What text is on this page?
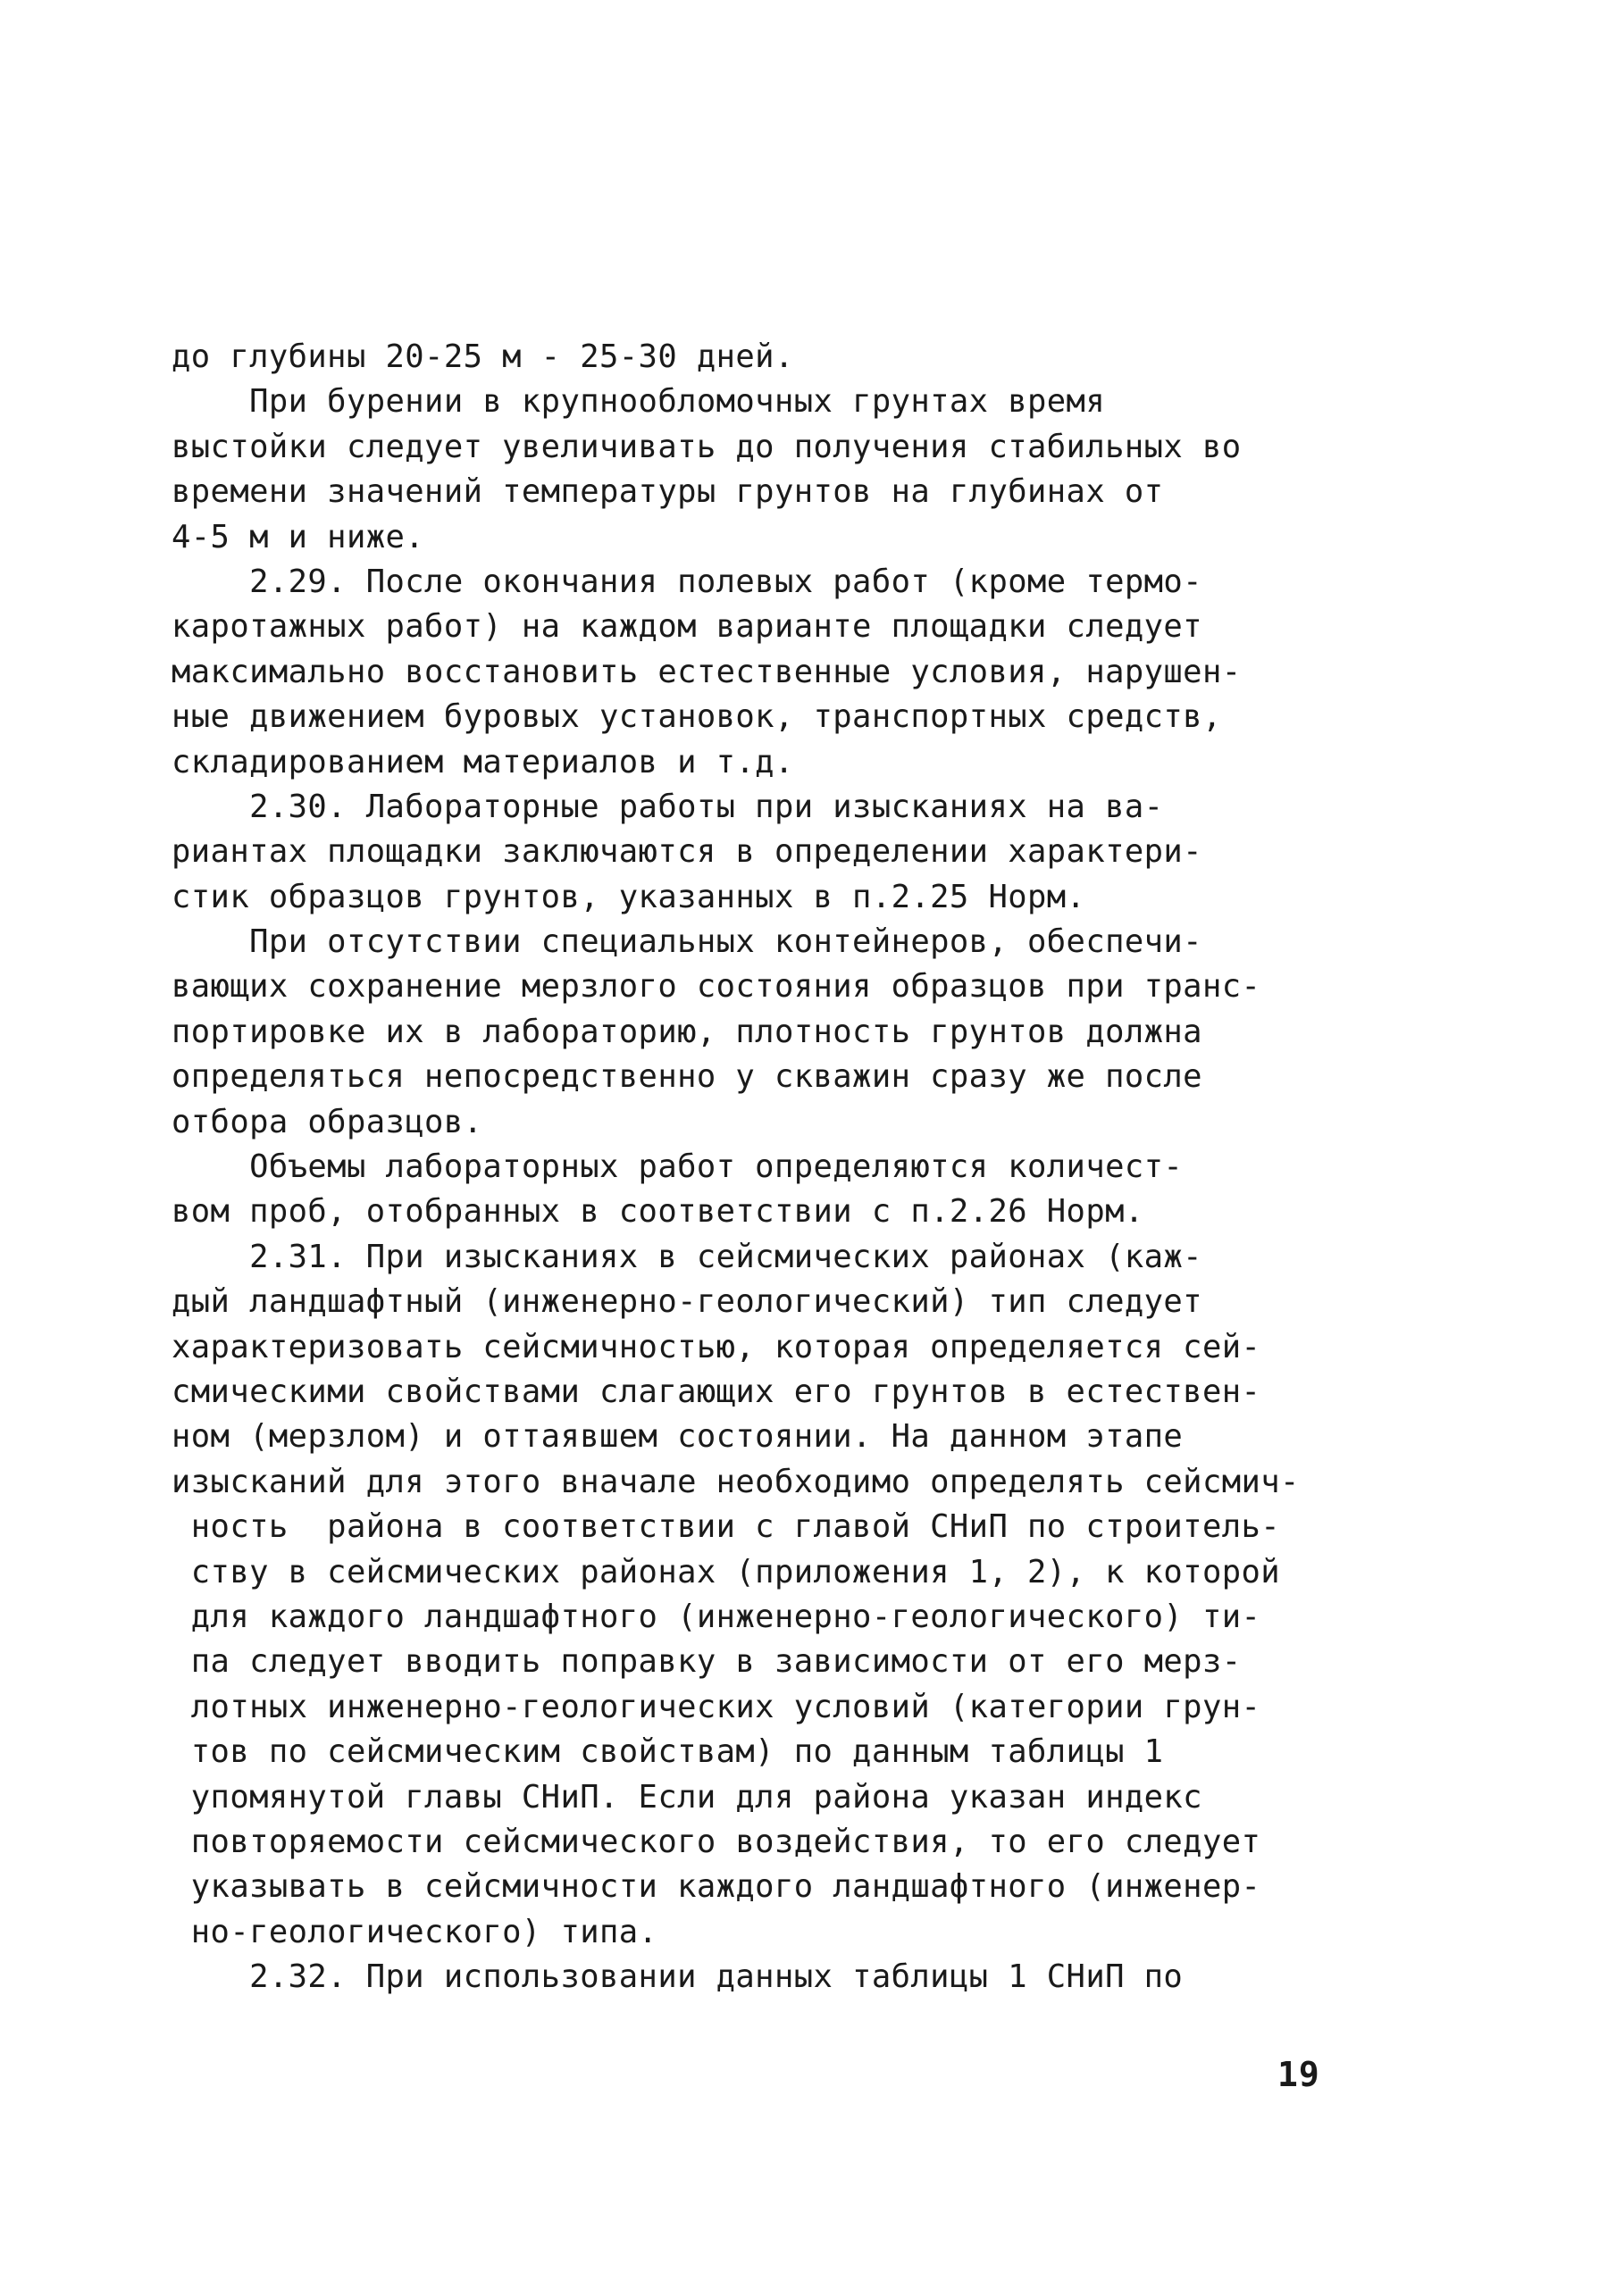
до глубины 20-25 м - 25-30 дней.
При бурении в крупнообломочных грунтах время
выстойки следует увеличивать до получения стабильных во
времени значений температуры грунтов на глубинах от
4-5 м и ниже.
2.29. После окончания полевых работ (кроме термо-
каротажных работ) на каждом варианте площадки следует
максимально восстановить естественные условия, нарушен-
ные движением буровых установок, транспортных средств,
складированием материалов и т.д.
2.30. Лабораторные работы при изысканиях на ва-
риантах площадки заключаются в определении характери-
стик образцов грунтов, указанных в п.2.25 Норм.
При отсутствии специальных контейнеров, обеспечи-
вающих сохранение мерзлого состояния образцов при транс-
портировке их в лабораторию, плотность грунтов должна
определяться непосредственно у скважин сразу же после
отбора образцов.
Объемы лабораторных работ определяются количест-
вом проб, отобранных в соответствии с п.2.26 Норм.
2.31. При изысканиях в сейсмических районах (каж-
дый ландшафтный (инженерно-геологический) тип следует
характеризовать сейсмичностью, которая определяется сей-
смическими свойствами слагающих его грунтов в естествен-
ном (мерзлом) и оттаявшем состоянии. На данном этапе
изысканий для этого вначале необходимо определять сейсмич-
ность  района в соответствии с главой СНиП по строитель-
ству в сейсмических районах (приложения 1, 2), к которой
для каждого ландшафтного (инженерно-геологического) ти-
па следует вводить поправку в зависимости от его мерз-
лотных инженерно-геологических условий (категории грун-
тов по сейсмическим свойствам) по данным таблицы 1
упомянутой главы СНиП. Если для района указан индекс
повторяемости сейсмического воздействия, то его следует
указывать в сейсмичности каждого ландшафтного (инженер-
но-геологического) типа.
2.32. При использовании данных таблицы 1 СНиП по
19
